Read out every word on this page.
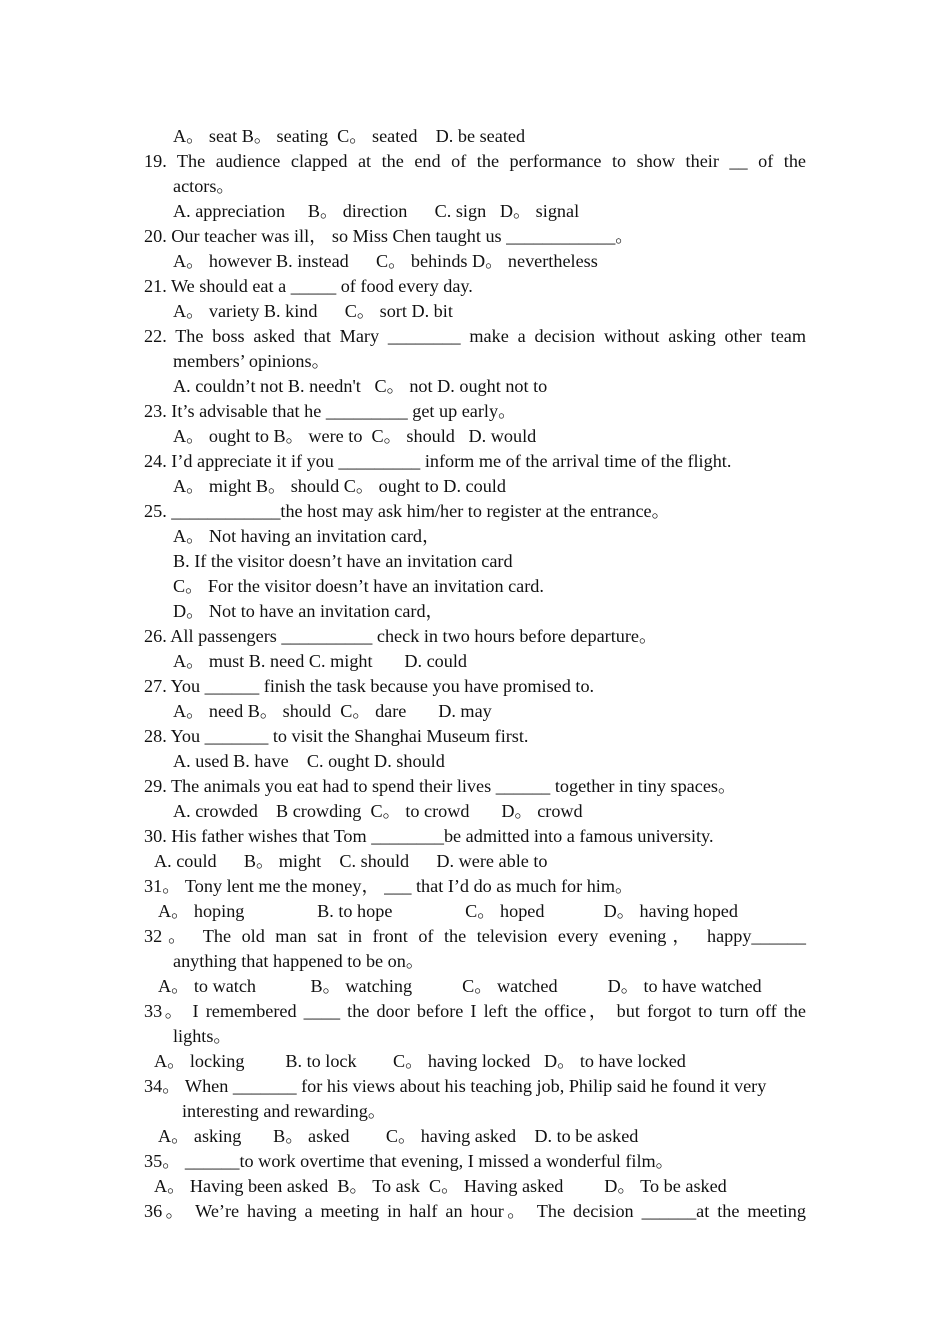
A。 seat B。 seating  C。 seated    D. be seated
19. The audience clapped at the end of the performance to show their __ of the
actors。
A. appreciation     B。 direction      C. sign   D。 signal
20. Our teacher was ill， so Miss Chen taught us ____________。
A。 however B. instead      C。 behinds D。 nevertheless
21. We should eat a _____ of food every day.
A。 variety B. kind      C。 sort D. bit
22. The boss asked that Mary ________ make a decision without asking other team
members’ opinions。
A. couldn’t not B. needn't   C。 not D. ought not to
23. It’s advisable that he _________ get up early。
A。 ought to B。 were to  C。 should   D. would
24. I’d appreciate it if you _________ inform me of the arrival time of the flight.
A。 might B。 should C。 ought to D. could
25. ____________the host may ask him/her to register at the entrance。
A。 Not having an invitation card，
B. If the visitor doesn’t have an invitation card
C。 For the visitor doesn’t have an invitation card.
D。 Not to have an invitation card，
26. All passengers __________ check in two hours before departure。
A。 must B. need C. might       D. could
27. You ______ finish the task because you have promised to.
A。 need B。 should  C。 dare       D. may
28. You _______ to visit the Shanghai Museum first.
A. used B. have    C. ought D. should
29. The animals you eat had to spend their lives ______ together in tiny spaces。
A. crowded    B crowding  C。 to crowd       D。 crowd
30. His father wishes that Tom ________be admitted into a famous university.
A. could      B。 might    C. should      D. were able to
31。 Tony lent me the money， ___ that I’d do as much for him。
A。 hoping                B. to hope                C。 hoped             D。 having hoped
32。 The old man sat in front of the television every evening， happy______
anything that happened to be on。
A。 to watch            B。 watching           C。 watched           D。 to have watched
33。 I remembered ____ the door before I left the office， but forgot to turn off the
lights。
A。 locking         B. to lock        C。 having locked   D。 to have locked
34。 When _______ for his views about his teaching job, Philip said he found it very
interesting and rewarding。
A。 asking       B。 asked        C。 having asked    D. to be asked
35。 ______to work overtime that evening, I missed a wonderful film。
A。 Having been asked  B。 To ask  C。 Having asked         D。 To be asked
36。 We’re having a meeting in half an hour。 The decision ______at the meeting
